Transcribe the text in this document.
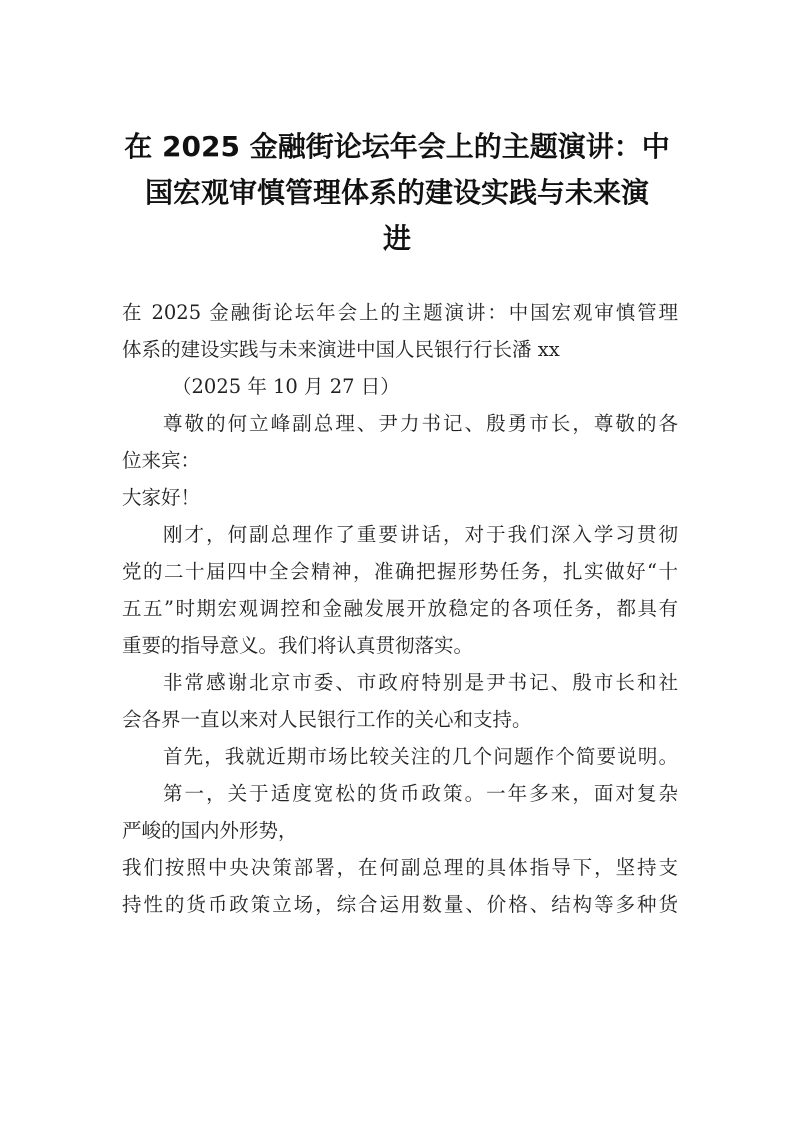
在 2025 金融街论坛年会上的主题演讲：中
国宏观审慎管理体系的建设实践与未来演
进
在 2025 金融街论坛年会上的主题演讲：中国宏观审慎管理
体系的建设实践与未来演进中国人民银行行长潘 xx
（2025 年 10 月 27 日）
尊敬的何立峰副总理、尹力书记、殷勇市长，尊敬的各
位来宾：
大家好！
刚才，何副总理作了重要讲话，对于我们深入学习贯彻
党的二十届四中全会精神，准确把握形势任务，扎实做好“十
五五”时期宏观调控和金融发展开放稳定的各项任务，都具有
重要的指导意义。我们将认真贯彻落实。
非常感谢北京市委、市政府特别是尹书记、殷市长和社
会各界一直以来对人民银行工作的关心和支持。
首先，我就近期市场比较关注的几个问题作个简要说明。
第一，关于适度宽松的货币政策。一年多来，面对复杂
严峻的国内外形势，
我们按照中央决策部署，在何副总理的具体指导下，坚持支
持性的货币政策立场，综合运用数量、价格、结构等多种货
